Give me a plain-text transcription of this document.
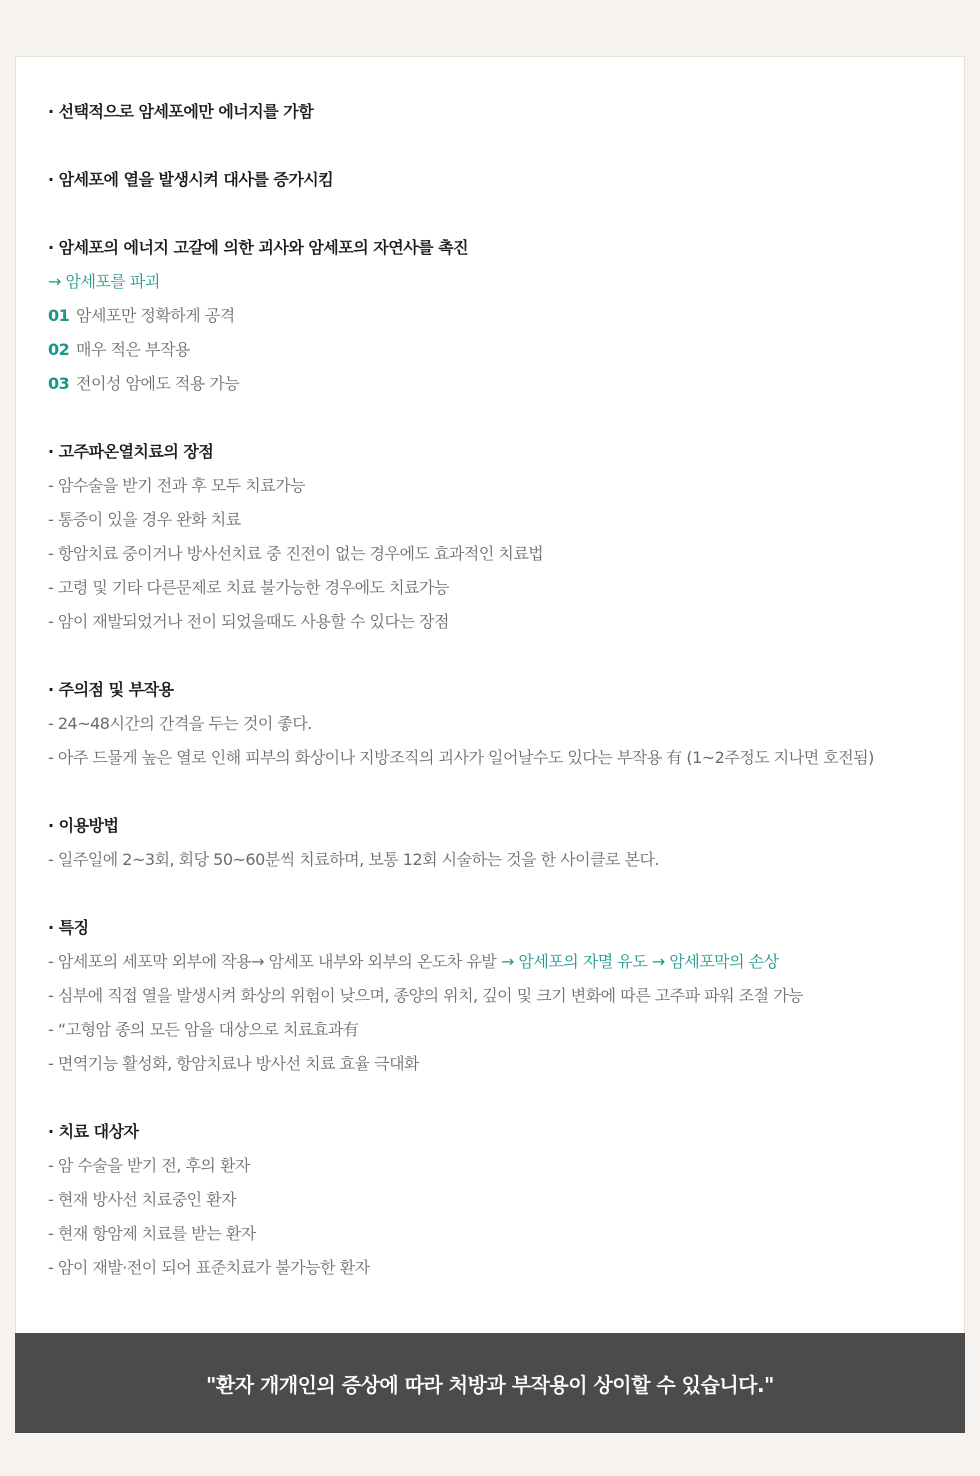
· 선택적으로 암세포에만 에너지를 가함
· 암세포에 열을 발생시켜 대사를 증가시킴
· 암세포의 에너지 고갈에 의한 괴사와 암세포의 자연사를 촉진
→ 암세포를 파괴
01 암세포만 정확하게 공격
02 매우 적은 부작용
03 전이성 암에도 적용 가능
· 고주파온열치료의 장점
- 암수술을 받기 전과 후 모두 치료가능
- 통증이 있을 경우 완화 치료
- 항암치료 중이거나 방사선치료 중 진전이 없는 경우에도 효과적인 치료법
- 고령 및 기타 다른문제로 치료 불가능한 경우에도 치료가능
- 암이 재발되었거나 전이 되었을때도 사용할 수 있다는 장점
· 주의점 및 부작용
- 24~48시간의 간격을 두는 것이 좋다.
- 아주 드물게 높은 열로 인해 피부의 화상이나 지방조직의 괴사가 일어날수도 있다는 부작용 有 (1~2주정도 지나면 호전됨)
· 이용방법
- 일주일에 2~3회, 회당 50~60분씩 치료하며, 보통 12회 시술하는 것을 한 사이클로 본다.
· 특징
- 암세포의 세포막 외부에 작용→ 암세포 내부와 외부의 온도차 유발 → 암세포의 자멸 유도 → 암세포막의 손상
- 심부에 직접 열을 발생시켜 화상의 위험이 낮으며, 종양의 위치, 깊이 및 크기 변화에 따른 고주파 파워 조절 가능
- “고형암 종의 모든 암을 대상으로 치료효과有
- 면역기능 활성화, 항암치료나 방사선 치료 효율 극대화
· 치료 대상자
- 암 수술을 받기 전, 후의 환자
- 현재 방사선 치료중인 환자
- 현재 항암제 치료를 받는 환자
- 암이 재발·전이 되어 표준치료가 불가능한 환자
"환자 개개인의 증상에 따라 처방과 부작용이 상이할 수 있습니다."
